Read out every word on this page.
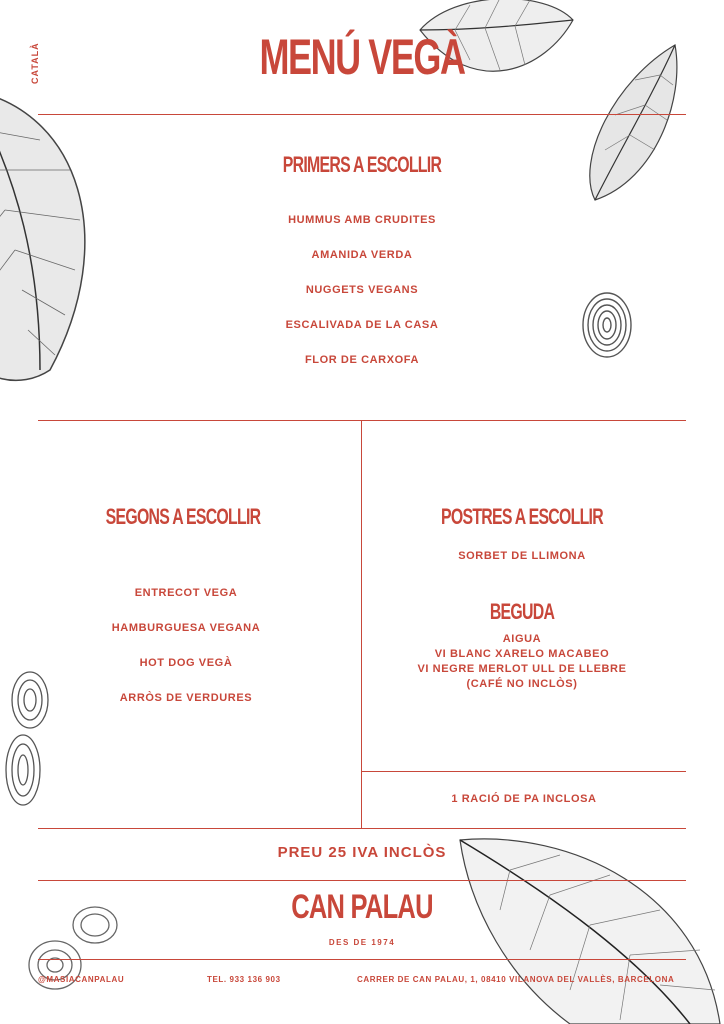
CATALÀ	MENÚ VEGÀ
PRIMERS A ESCOLLIR
HUMMUS AMB CRUDITES
AMANIDA VERDA
NUGGETS VEGANS
ESCALIVADA DE LA CASA
FLOR DE CARXOFA
SEGONS A ESCOLLIR
ENTRECOT VEGA
HAMBURGUESA VEGANA
HOT DOG VEGÀ
ARRÒS DE VERDURES
POSTRES A ESCOLLIR
SORBET DE LLIMONA
BEGUDA
AIGUA
VI BLANC XARELO MACABEO
VI NEGRE MERLOT ULL DE LLEBRE
(CAFÉ NO INCLÒS)
1 RACIÓ DE PA INCLOSA
PREU 25 IVA INCLÒS
CAN PALAU
DES DE 1974
@MASIACANPALAU	TEL. 933 136 903	CARRER DE CAN PALAU, 1, 08410 VILANOVA DEL VALLÈS, BARCELONA
